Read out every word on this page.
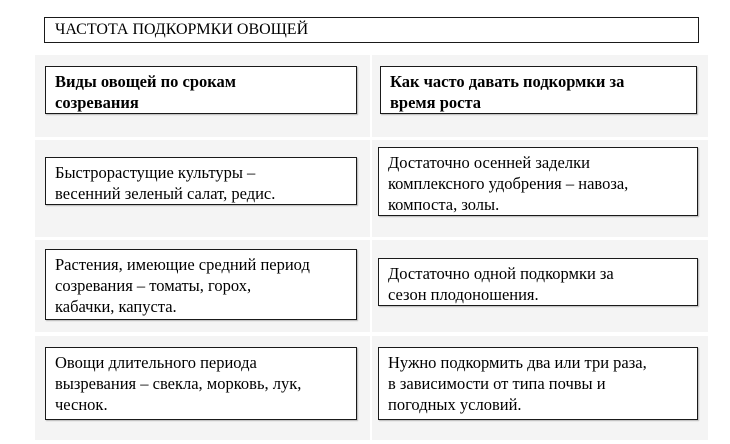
ЧАСТОТА ПОДКОРМКИ ОВОЩЕЙ
Виды овощей по срокам
созревания
Как часто давать подкормки за
время роста
Быстрорастущие культуры –
весенний зеленый салат, редис.
Достаточно осенней заделки
комплексного удобрения – навоза,
компоста, золы.
Растения, имеющие средний период
созревания – томаты, горох,
кабачки, капуста.
Достаточно одной подкормки за
сезон плодоношения.
Овощи длительного периода
вызревания – свекла, морковь, лук,
чеснок.
Нужно подкормить два или три раза,
в зависимости от типа почвы и
погодных условий.
